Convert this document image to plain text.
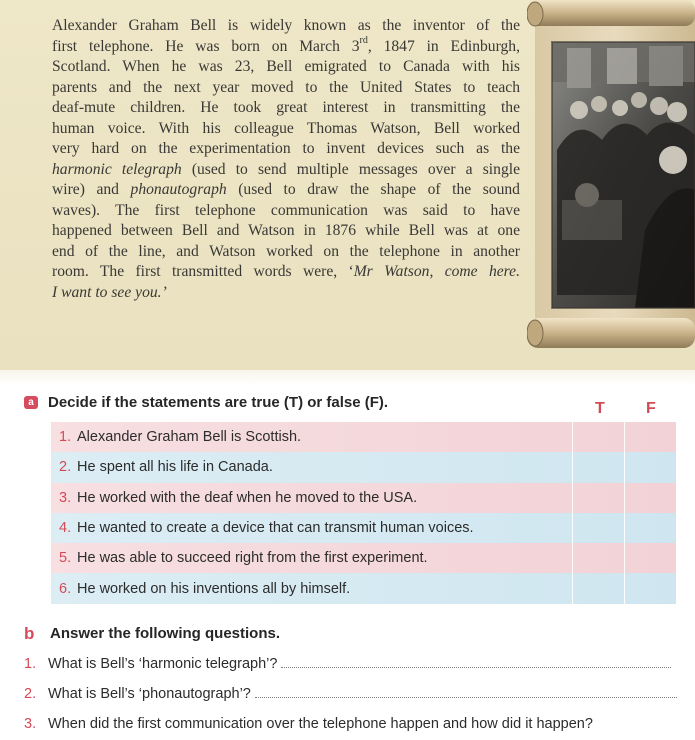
Alexander Graham Bell is widely known as the inventor of the
first telephone. He was born on March 3rd, 1847 in Edinburgh,
Scotland. When he was 23, Bell emigrated to Canada with his
parents and the next year moved to the United States to teach
deaf-mute children. He took great interest in transmitting the
human voice. With his colleague Thomas Watson, Bell worked
very hard on the experimentation to invent devices such as the
harmonic telegraph (used to send multiple messages over a single
wire) and phonautograph (used to draw the shape of the sound
waves). The first telephone communication was said to have
happened between Bell and Watson in 1876 while Bell was at one
end of the line, and Watson worked on the telephone in another
room. The first transmitted words were, ‘Mr Watson, come here.
I want to see you.’
a Decide if the statements are true (T) or false (F).	T	F
1. Alexander Graham Bell is Scottish.
2. He spent all his life in Canada.
3. He worked with the deaf when he moved to the USA.
4. He wanted to create a device that can transmit human voices.
5. He was able to succeed right from the first experiment.
6. He worked on his inventions all by himself.
b Answer the following questions.
1. What is Bell’s ‘harmonic telegraph’?
2. What is Bell’s ‘phonautograph’?
3. When did the first communication over the telephone happen and how did it happen?
